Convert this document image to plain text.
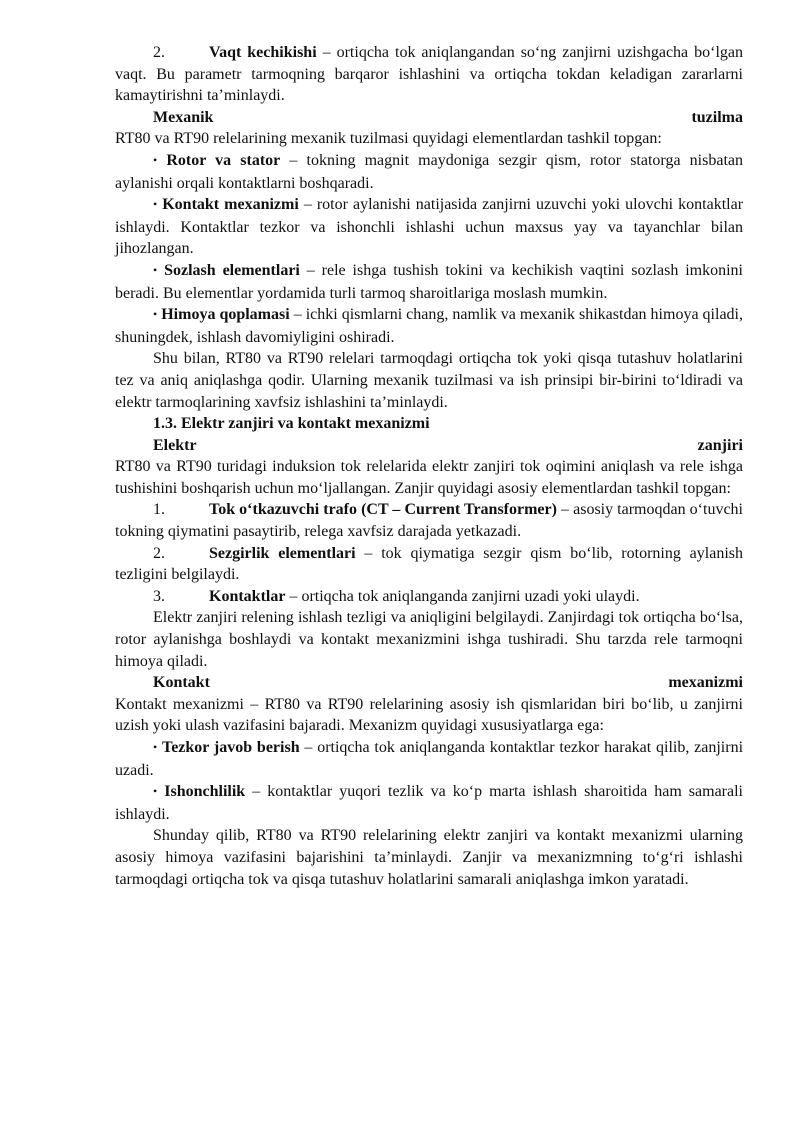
2.	Vaqt kechikishi – ortiqcha tok aniqlangandan so‘ng zanjirni uzishgacha bo‘lgan vaqt. Bu parametr tarmoqning barqaror ishlashini va ortiqcha tokdan keladigan zararlarni kamaytirishni ta’minlaydi.

Mexanik	tuzilma

RT80 va RT90 relelarining mexanik tuzilmasi quyidagi elementlardan tashkil topgan:

• Rotor va stator – tokning magnit maydoniga sezgir qism, rotor statorga nisbatan aylanishi orqali kontaktlarni boshqaradi.

• Kontakt mexanizmi – rotor aylanishi natijasida zanjirni uzuvchi yoki ulovchi kontaktlar ishlaydi. Kontaktlar tezkor va ishonchli ishlashi uchun maxsus yay va tayanchlar bilan jihozlangan.

• Sozlash elementlari – rele ishga tushish tokini va kechikish vaqtini sozlash imkonini beradi. Bu elementlar yordamida turli tarmoq sharoitlariga moslash mumkin.

• Himoya qoplamasi – ichki qismlarni chang, namlik va mexanik shikastdan himoya qiladi, shuningdek, ishlash davomiyligini oshiradi.

Shu bilan, RT80 va RT90 relelari tarmoqdagi ortiqcha tok yoki qisqa tutashuv holatlarini tez va aniq aniqlashga qodir. Ularning mexanik tuzilmasi va ish prinsipi bir-birini to‘ldiradi va elektr tarmoqlarining xavfsiz ishlashini ta’minlaydi.

1.3. Elektr zanjiri va kontakt mexanizmi

Elektr	zanjiri

RT80 va RT90 turidagi induksion tok relelarida elektr zanjiri tok oqimini aniqlash va rele ishga tushishini boshqarish uchun mo‘ljallangan. Zanjir quyidagi asosiy elementlardan tashkil topgan:

1.	Tok o‘tkazuvchi trafo (CT – Current Transformer) – asosiy tarmoqdan o‘tuvchi tokning qiymatini pasaytirib, relega xavfsiz darajada yetkazadi.

2.	Sezgirlik elementlari – tok qiymatiga sezgir qism bo‘lib, rotorning aylanish tezligini belgilaydi.

3.	Kontaktlar – ortiqcha tok aniqlanganda zanjirni uzadi yoki ulaydi.

Elektr zanjiri relening ishlash tezligi va aniqligini belgilaydi. Zanjirdagi tok ortiqcha bo‘lsa, rotor aylanishga boshlaydi va kontakt mexanizmini ishga tushiradi. Shu tarzda rele tarmoqni himoya qiladi.

Kontakt	mexanizmi

Kontakt mexanizmi – RT80 va RT90 relelarining asosiy ish qismlaridan biri bo‘lib, u zanjirni uzish yoki ulash vazifasini bajaradi. Mexanizm quyidagi xususiyatlarga ega:

• Tezkor javob berish – ortiqcha tok aniqlanganda kontaktlar tezkor harakat qilib, zanjirni uzadi.

• Ishonchlilik – kontaktlar yuqori tezlik va ko‘p marta ishlash sharoitida ham samarali ishlaydi.

Shunday qilib, RT80 va RT90 relelarining elektr zanjiri va kontakt mexanizmi ularning asosiy himoya vazifasini bajarishini ta’minlaydi. Zanjir va mexanizmning to‘g‘ri ishlashi tarmoqdagi ortiqcha tok va qisqa tutashuv holatlarini samarali aniqlashga imkon yaratadi.
